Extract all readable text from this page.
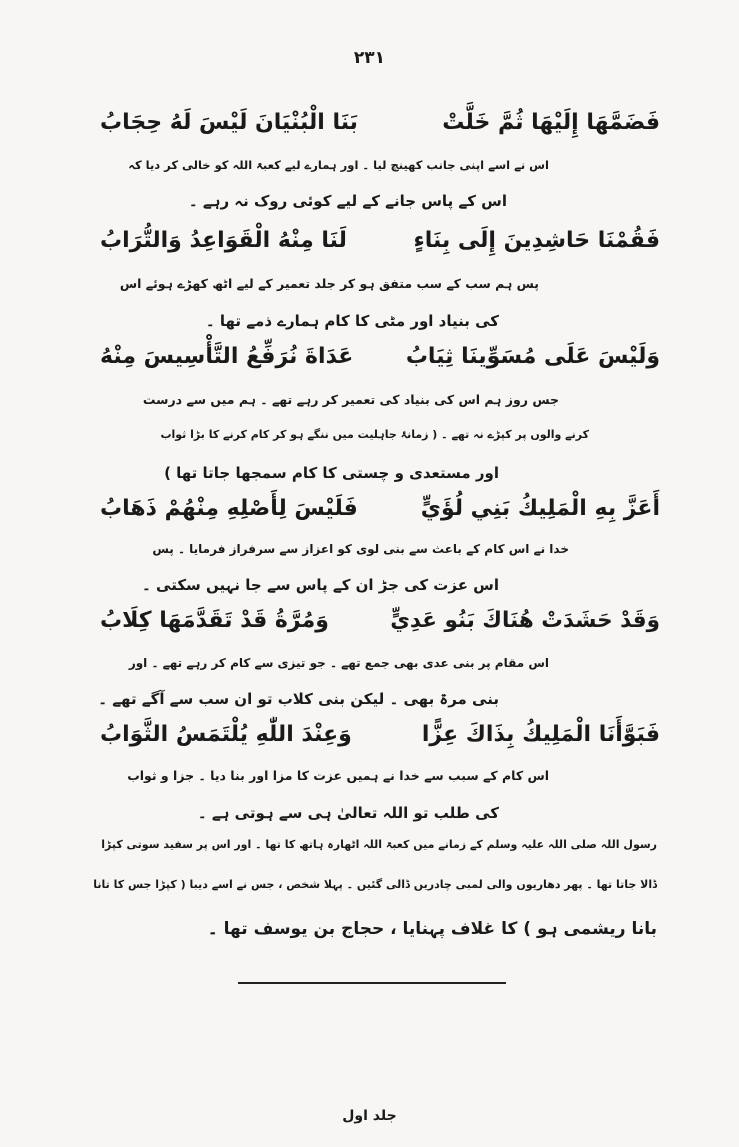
٢٣١
فَضَمَّهَا إِلَيْهَا ثُمَّ خَلَّتْ
بَنَا الْبُنْيَانَ لَيْسَ لَهُ حِجَابُ
اس نے اسے اپنی جانب کھینچ لیا ۔ اور ہمارے لیے کعبۃ اللہ کو خالی کر دیا کہ
اس کے پاس جانے کے لیے کوئی روک نہ رہے ۔
فَقُمْنَا حَاشِدِينَ إِلَى بِنَاءٍ
لَنَا مِنْهُ الْقَوَاعِدُ وَالتُّرَابُ
پس ہم سب کے سب متفق ہو کر جلد تعمیر کے لیے اٹھ کھڑے ہوئے اس
کی بنیاد اور مٹی کا کام ہمارے ذمے تھا ۔
وَلَيْسَ عَلَى مُسَوِّينَا ثِيَابُ
عَدَاةَ نُرَفِّعُ التَّأْسِيسَ مِنْهُ
جس روز ہم اس کی بنیاد کی تعمیر کر رہے تھے ۔ ہم میں سے درست
کرنے والوں پر کپڑے نہ تھے ۔ ( زمانۂ جاہلیت میں ننگے ہو کر کام کرنے کا بڑا ثواب
اور مستعدی و چستی کا کام سمجھا جاتا تھا )
أَعَزَّ بِهِ الْمَلِيكُ بَنِي لُؤَيٍّ
فَلَيْسَ لِأَصْلِهِ مِنْهُمْ ذَهَابُ
خدا نے اس کام کے باعث سے بنی لوی کو اعزاز سے سرفراز فرمایا ۔ پس
اس عزت کی جڑ ان کے پاس سے جا نہیں سکتی ۔
وَقَدْ حَشَدَتْ هُنَاكَ بَنُو عَدِيٍّ
وَمُرَّةُ قَدْ تَقَدَّمَهَا كِلَابُ
اس مقام پر بنی عدی بھی جمع تھے ۔ جو تیزی سے کام کر رہے تھے ۔ اور
بنی مرۃ بھی ۔ لیکن بنی کلاب تو ان سب سے آگے تھے ۔
فَبَوَّأَنَا الْمَلِيكُ بِذَاكَ عِزًّا
وَعِنْدَ اللّٰهِ يُلْتَمَسُ الثَّوَابُ
اس کام کے سبب سے خدا نے ہمیں عزت کا مزا اور بنا دیا ۔ جزا و ثواب
کی طلب تو اللہ تعالیٰ ہی سے ہوتی ہے ۔
رسول اللہ صلی اللہ علیہ وسلم کے زمانے میں کعبۃ اللہ اٹھارہ ہاتھ کا تھا ۔ اور اس پر سفید سوتی کپڑا
ڈالا جاتا تھا ۔ پھر دھاریوں والی لمبی چادریں ڈالی گئیں ۔ پہلا شخص ، جس نے اسے دیبا ( کپڑا جس کا تانا
بانا ریشمی ہو ) کا غلاف پہنایا ، حجاج بن یوسف تھا ۔
جلد اول
